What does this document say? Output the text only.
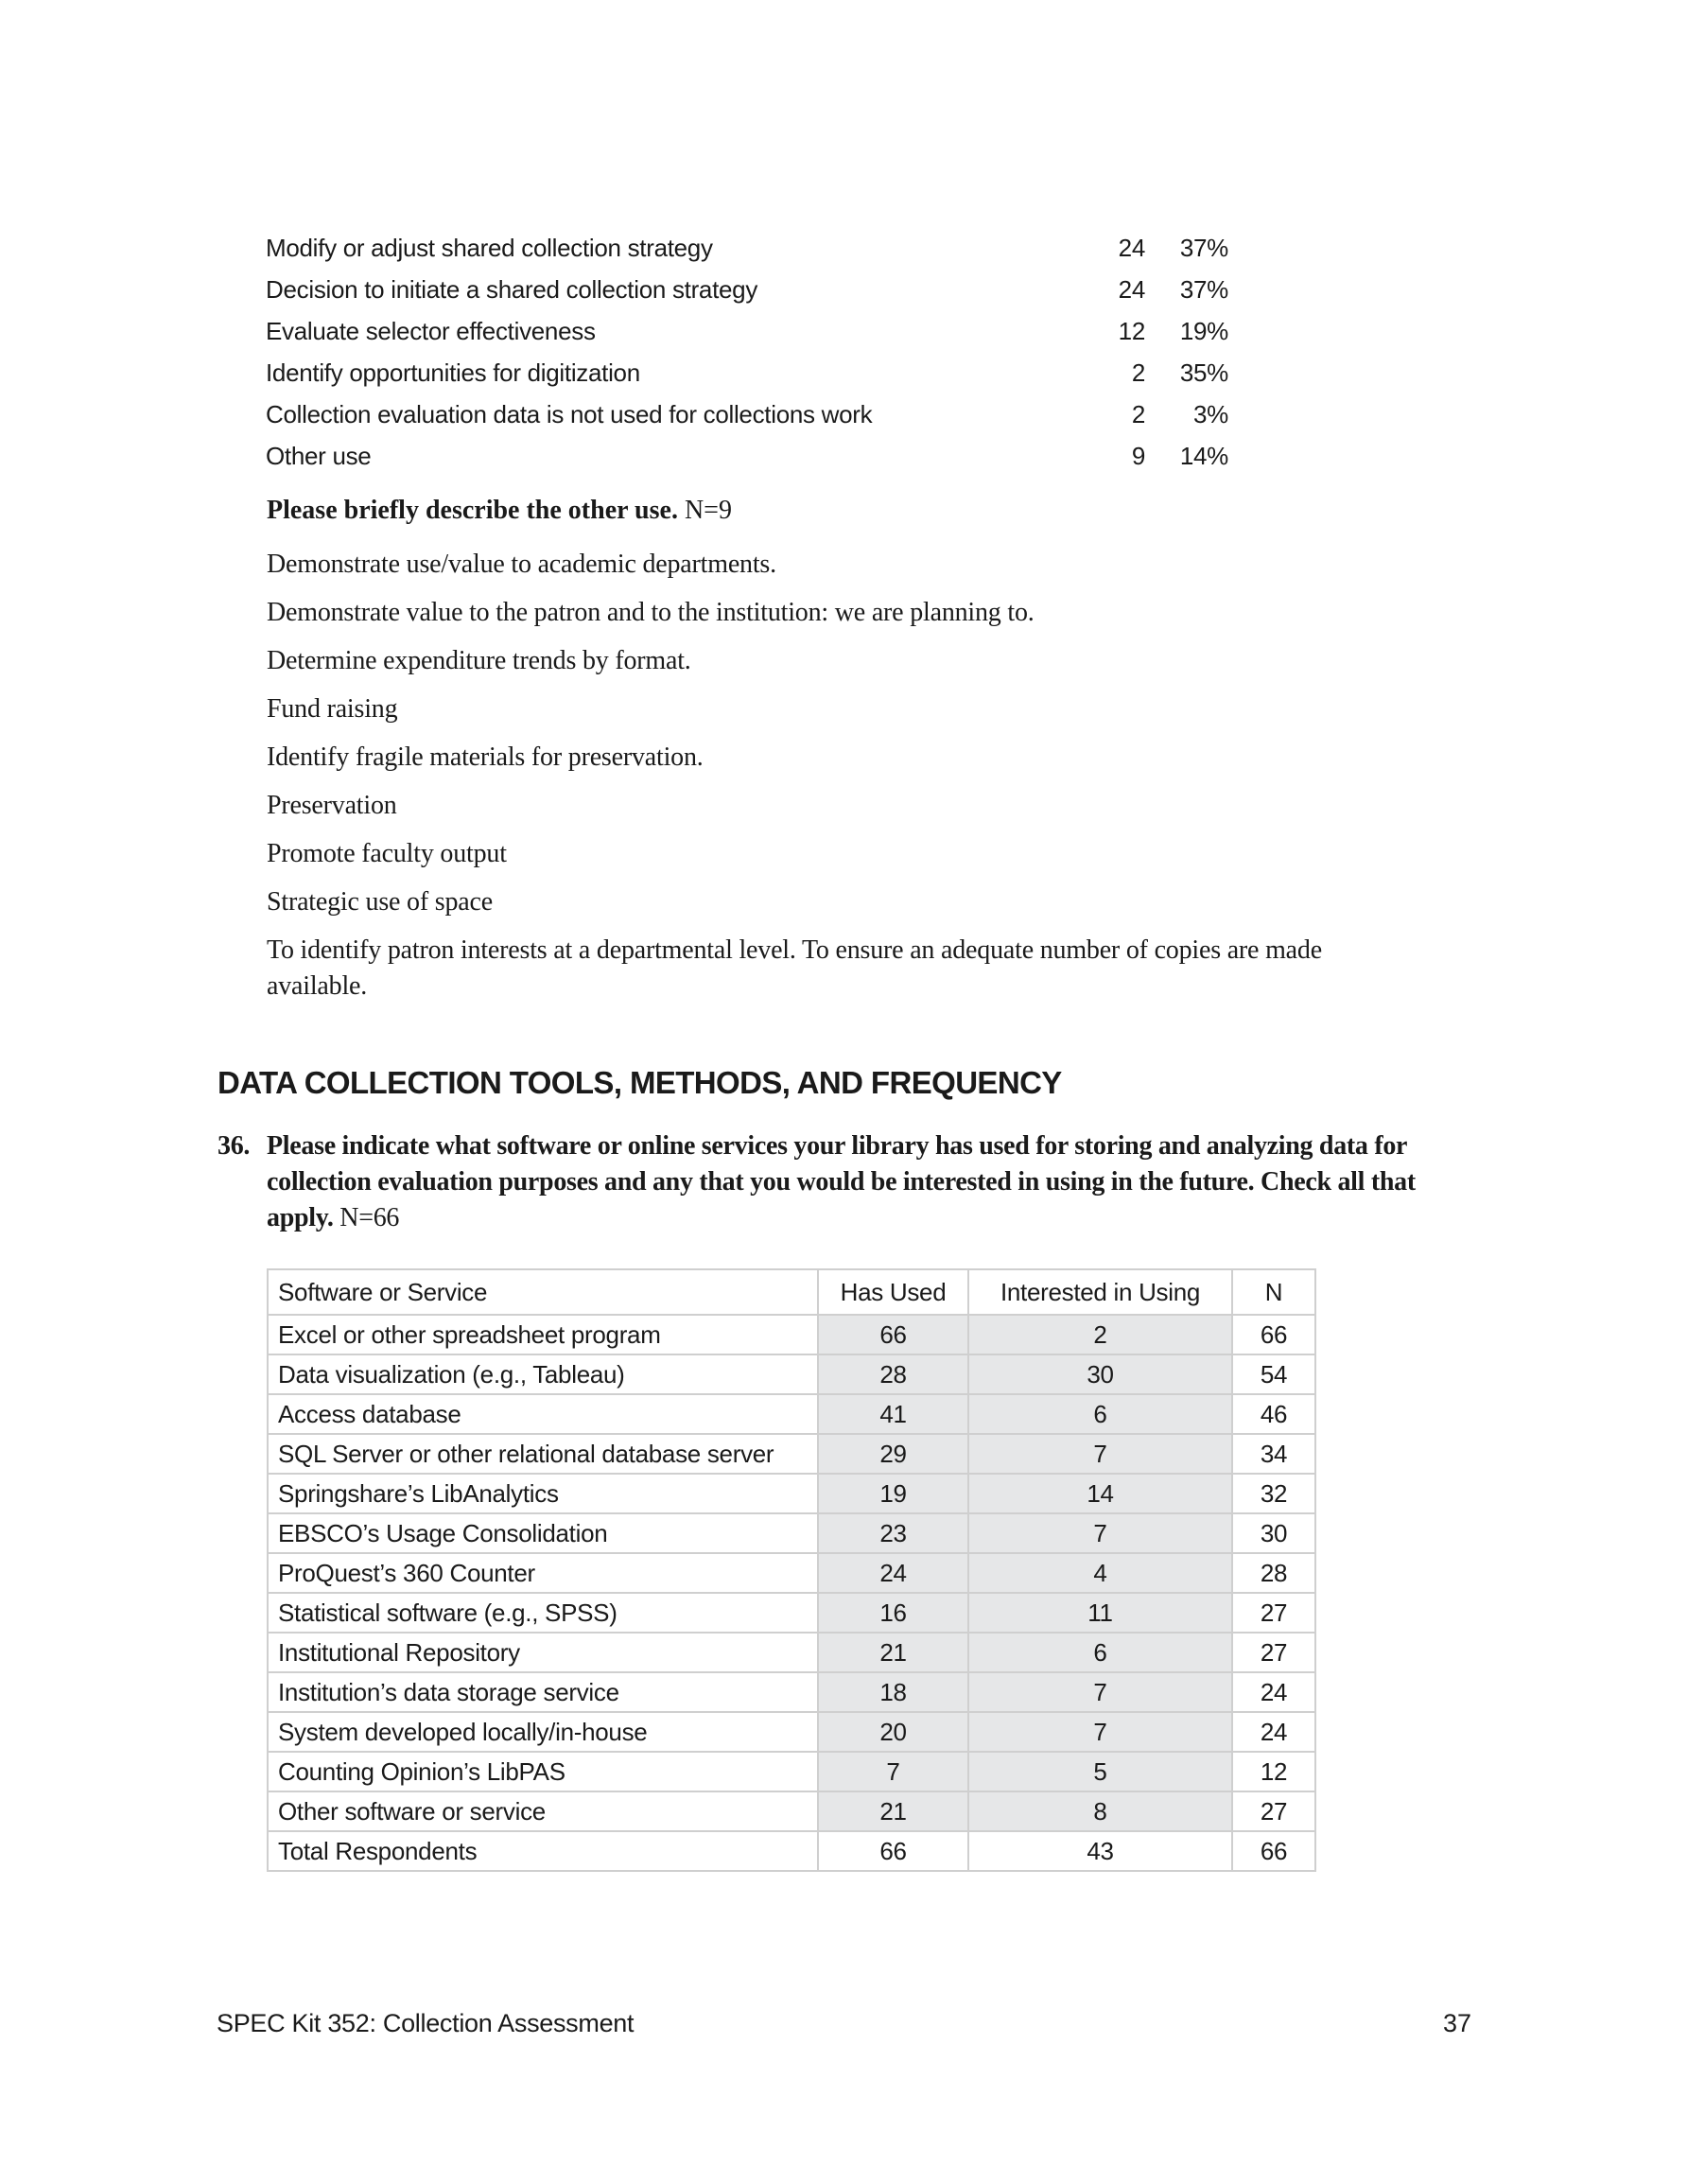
Modify or adjust shared collection strategy	24	37%
Decision to initiate a shared collection strategy	24	37%
Evaluate selector effectiveness	12	19%
Identify opportunities for digitization	2	35%
Collection evaluation data is not used for collections work	2	3%
Other use	9	14%

Please briefly describe the other use. N=9

Demonstrate use/value to academic departments.
Demonstrate value to the patron and to the institution: we are planning to.
Determine expenditure trends by format.
Fund raising
Identify fragile materials for preservation.
Preservation
Promote faculty output
Strategic use of space
To identify patron interests at a departmental level. To ensure an adequate number of copies are made available.
DATA COLLECTION TOOLS, METHODS, AND FREQUENCY
36. Please indicate what software or online services your library has used for storing and analyzing data for collection evaluation purposes and any that you would be interested in using in the future. Check all that apply. N=66
Software or Service	Has Used	Interested in Using	N
Excel or other spreadsheet program	66	2	66
Data visualization (e.g., Tableau)	28	30	54
Access database	41	6	46
SQL Server or other relational database server	29	7	34
Springshare’s LibAnalytics	19	14	32
EBSCO’s Usage Consolidation	23	7	30
ProQuest’s 360 Counter	24	4	28
Statistical software (e.g., SPSS)	16	11	27
Institutional Repository	21	6	27
Institution’s data storage service	18	7	24
System developed locally/in-house	20	7	24
Counting Opinion’s LibPAS	7	5	12
Other software or service	21	8	27
Total Respondents	66	43	66
SPEC Kit 352: Collection Assessment	37
